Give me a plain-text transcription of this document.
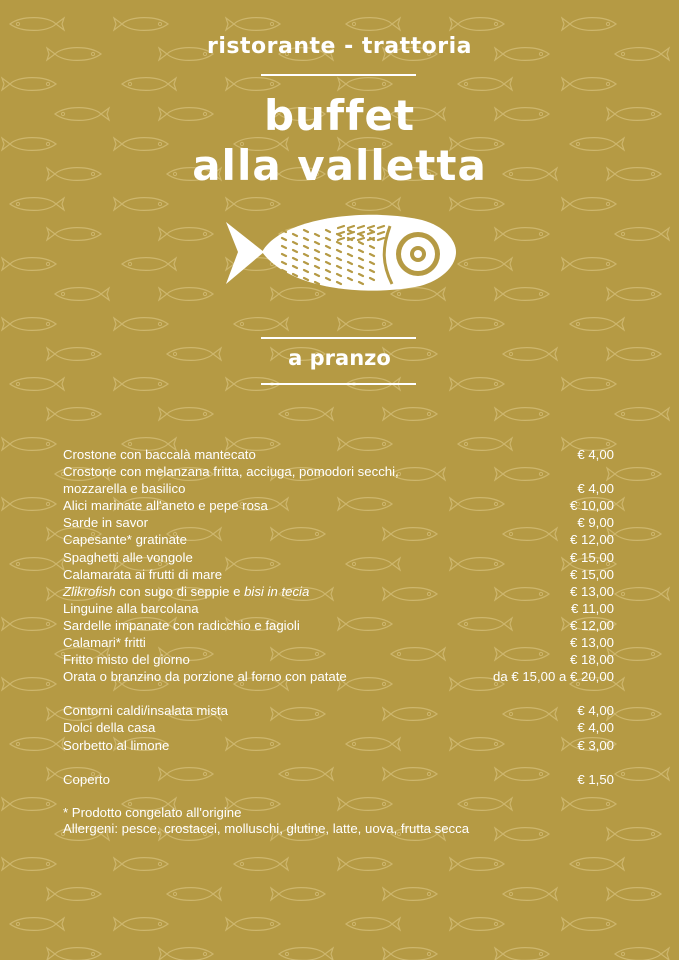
ristorante - trattoria
buffet
alla valletta
a pranzo
Crostone con baccalà mantecato	€ 4,00
Crostone con melanzana fritta, acciuga, pomodori secchi,
mozzarella e basilico	€ 4,00
Alici marinate all'aneto e pepe rosa	€ 10,00
Sarde in savor	€ 9,00
Capesante* gratinate	€ 12,00
Spaghetti alle vongole	€ 15,00
Calamarata ai frutti di mare	€ 15,00
Zlikrofish con sugo di seppie e bisi in tecia	€ 13,00
Linguine alla barcolana	€ 11,00
Sardelle impanate con radicchio e fagioli	€ 12,00
Calamari* fritti	€ 13,00
Fritto misto del giorno	€ 18,00
Orata o branzino da porzione al forno con patate	da € 15,00 a € 20,00
Contorni caldi/insalata mista	€ 4,00
Dolci della casa	€ 4,00
Sorbetto al limone	€ 3,00
Coperto	€ 1,50
* Prodotto congelato all'origine
Allergeni: pesce, crostacei, molluschi, glutine, latte, uova, frutta secca
